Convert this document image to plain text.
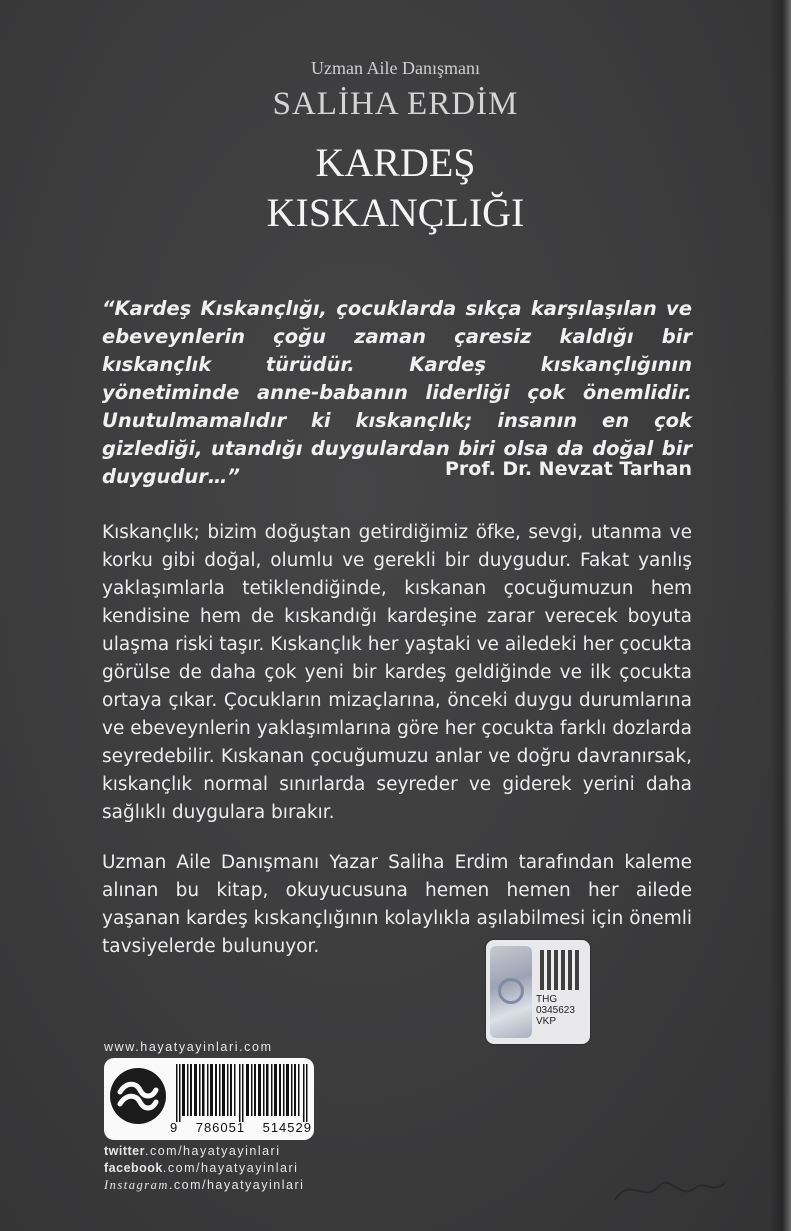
Uzman Aile Danışmanı
SALİHA ERDİM
KARDEŞ
KISKANÇLIĞI
“Kardeş Kıskançlığı, çocuklarda sıkça karşılaşılan ve ebeveynlerin çoğu zaman çaresiz kaldığı bir kıskançlık türüdür. Kardeş kıskançlığının yönetiminde anne-babanın liderliği çok önemlidir. Unutulmamalıdır ki kıskançlık; insanın en çok gizlediği, utandığı duygulardan biri olsa da doğal bir duygudur…”	Prof. Dr. Nevzat Tarhan

Kıskançlık; bizim doğuştan getirdiğimiz öfke, sevgi, utanma ve korku gibi doğal, olumlu ve gerekli bir duygudur. Fakat yanlış yaklaşımlarla tetiklendiğinde, kıskanan çocuğumuzun hem kendisine hem de kıskandığı kardeşine zarar verecek boyuta ulaşma riski taşır. Kıskançlık her yaştaki ve ailedeki her çocukta görülse de daha çok yeni bir kardeş geldiğinde ve ilk çocukta ortaya çıkar. Çocukların mizaçlarına, önceki duygu durumlarına ve ebeveynlerin yaklaşımlarına göre her çocukta farklı dozlarda seyredebilir. Kıskanan çocuğumuzu anlar ve doğru davranırsak, kıskançlık normal sınırlarda seyreder ve giderek yerini daha sağlıklı duygulara bırakır.

Uzman Aile Danışmanı Yazar Saliha Erdim tarafından kaleme alınan bu kitap, okuyucusuna hemen hemen her ailede yaşanan kardeş kıskançlığının kolaylıkla aşılabilmesi için önemli tavsiyelerde bulunuyor.

THG
0345623
VKP
www.hayatyayinlari.com
9 786051 514529
twitter.com/hayatyayinlari
facebook.com/hayatyayinlari
Instagram.com/hayatyayinlari
